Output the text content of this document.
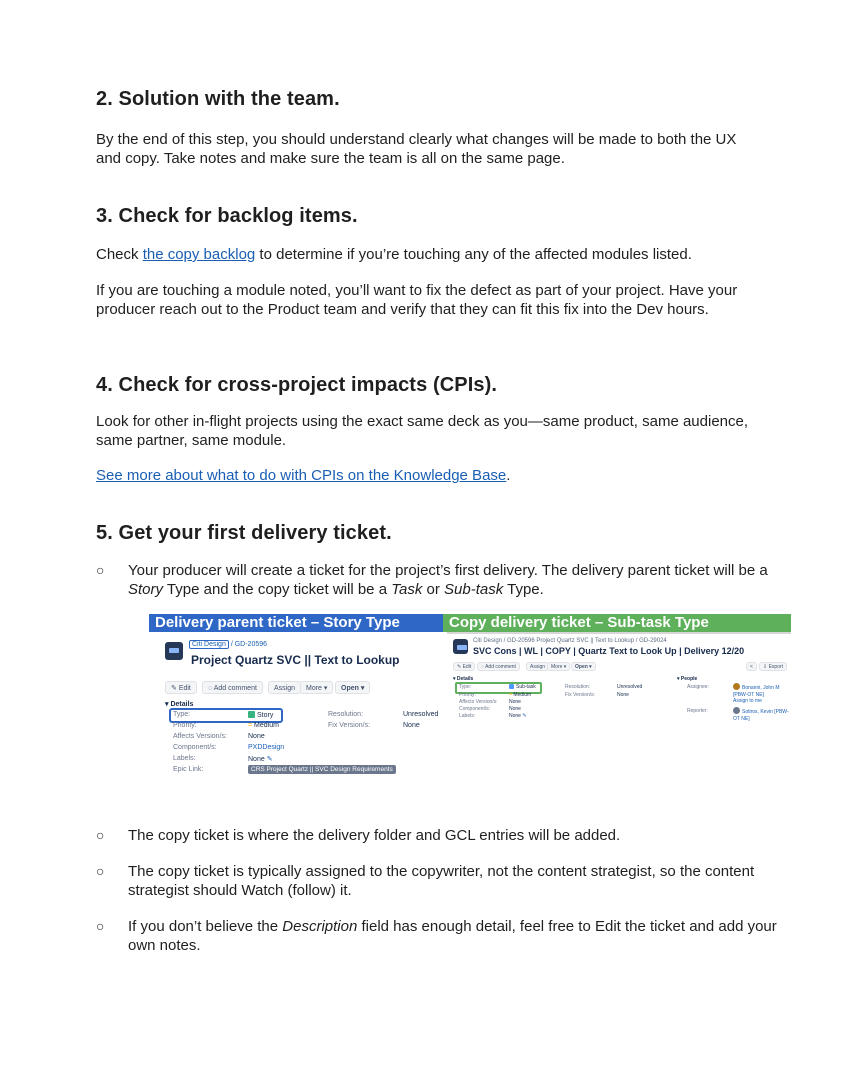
2. Solution with the team.

By the end of this step, you should understand clearly what changes will be made to both the UX and copy. Take notes and make sure the team is all on the same page.

3. Check for backlog items.

Check the copy backlog to determine if you’re touching any of the affected modules listed.

If you are touching a module noted, you’ll want to fix the defect as part of your project. Have your producer reach out to the Product team and verify that they can fit this fix into the Dev hours.

4. Check for cross-project impacts (CPIs).

Look for other in-flight projects using the exact same deck as you—same product, same audience, same partner, same module.

See more about what to do with CPIs on the Knowledge Base.

5. Get your first delivery ticket.
○ Your producer will create a ticket for the project’s first delivery. The delivery parent ticket will be a Story Type and the copy ticket will be a Task or Sub-task Type.
○ The copy ticket is where the delivery folder and GCL entries will be added.
○ The copy ticket is typically assigned to the copywriter, not the content strategist, so the content strategist should Watch (follow) it.
○ If you don’t believe the Description field has enough detail, feel free to Edit the ticket and add your own notes.
Delivery parent ticket – Story Type	Copy delivery ticket – Sub-task Type
Citi Design / GD-20596
Project Quartz SVC || Text to Lookup
✎ Edit	◌ Add comment	Assign	More ▾	Open ▾
▾ Details
Type:	Story
Priority:	= Medium
Affects Version/s:	None
Component/s:	PXDDesign
Labels:	None ✎
Epic Link:	CRS Project Quartz || SVC Design Requirements
Resolution:	Unresolved
Fix Version/s:	None
Citi Design / GD-20596 Project Quartz SVC || Text to Lookup / GD-29024
SVC Cons | WL | COPY | Quartz Text to Look Up | Delivery 12/20
✎ Edit	◌ Add comment	Assign	More ▾	Open ▾	<	⇩ Export
▾ Details	▾ People
Type:	Sub-task
Priority:	= Medium
Affects Version/s: None
Component/s:	None
Labels:	None ✎
Resolution:	Unresolved
Fix Version/s:	None
Assignee:	Bonanni, John M [PBW-OT NE]
Assign to me
Reporter:	Sotiros, Kevin [PBW-OT NE]
